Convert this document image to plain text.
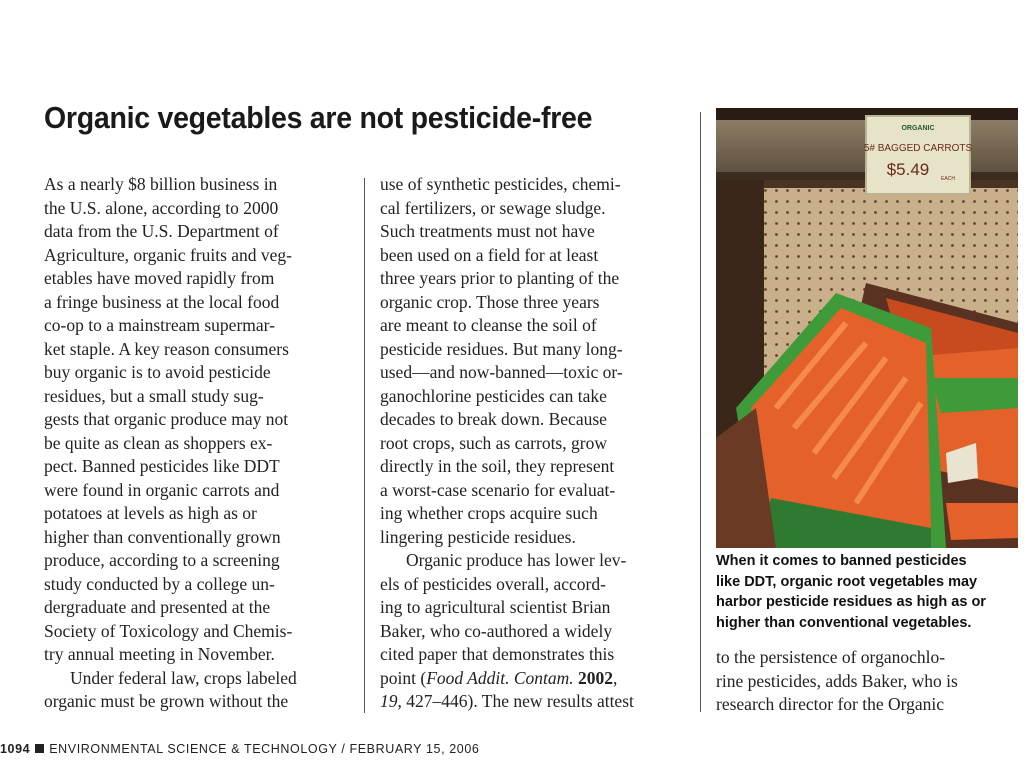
Organic vegetables are not pesticide-free
As a nearly $8 billion business in
the U.S. alone, according to 2000
data from the U.S. Department of
Agriculture, organic fruits and veg-
etables have moved rapidly from
a fringe business at the local food
co-op to a mainstream supermar-
ket staple. A key reason consumers
buy organic is to avoid pesticide
residues, but a small study sug-
gests that organic produce may not
be quite as clean as shoppers ex-
pect. Banned pesticides like DDT
were found in organic carrots and
potatoes at levels as high as or
higher than conventionally grown
produce, according to a screening
study conducted by a college un-
dergraduate and presented at the
Society of Toxicology and Chemis-
try annual meeting in November.
Under federal law, crops labeled
organic must be grown without the
use of synthetic pesticides, chemi-
cal fertilizers, or sewage sludge.
Such treatments must not have
been used on a field for at least
three years prior to planting of the
organic crop. Those three years
are meant to cleanse the soil of
pesticide residues. But many long-
used—and now-banned—toxic or-
ganochlorine pesticides can take
decades to break down. Because
root crops, such as carrots, grow
directly in the soil, they represent
a worst-case scenario for evaluat-
ing whether crops acquire such
lingering pesticide residues.
Organic produce has lower lev-
els of pesticides overall, accord-
ing to agricultural scientist Brian
Baker, who co-authored a widely
cited paper that demonstrates this
point (Food Addit. Contam. 2002,
19, 427–446). The new results attest
ORGANIC
5# BAGGED CARROTS
$5.49 EACH
When it comes to banned pesticides
like DDT, organic root vegetables may
harbor pesticide residues as high as or
higher than conventional vegetables.
to the persistence of organochlo-
rine pesticides, adds Baker, who is
research director for the Organic
1094 ENVIRONMENTAL SCIENCE & TECHNOLOGY / FEBRUARY 15, 2006
